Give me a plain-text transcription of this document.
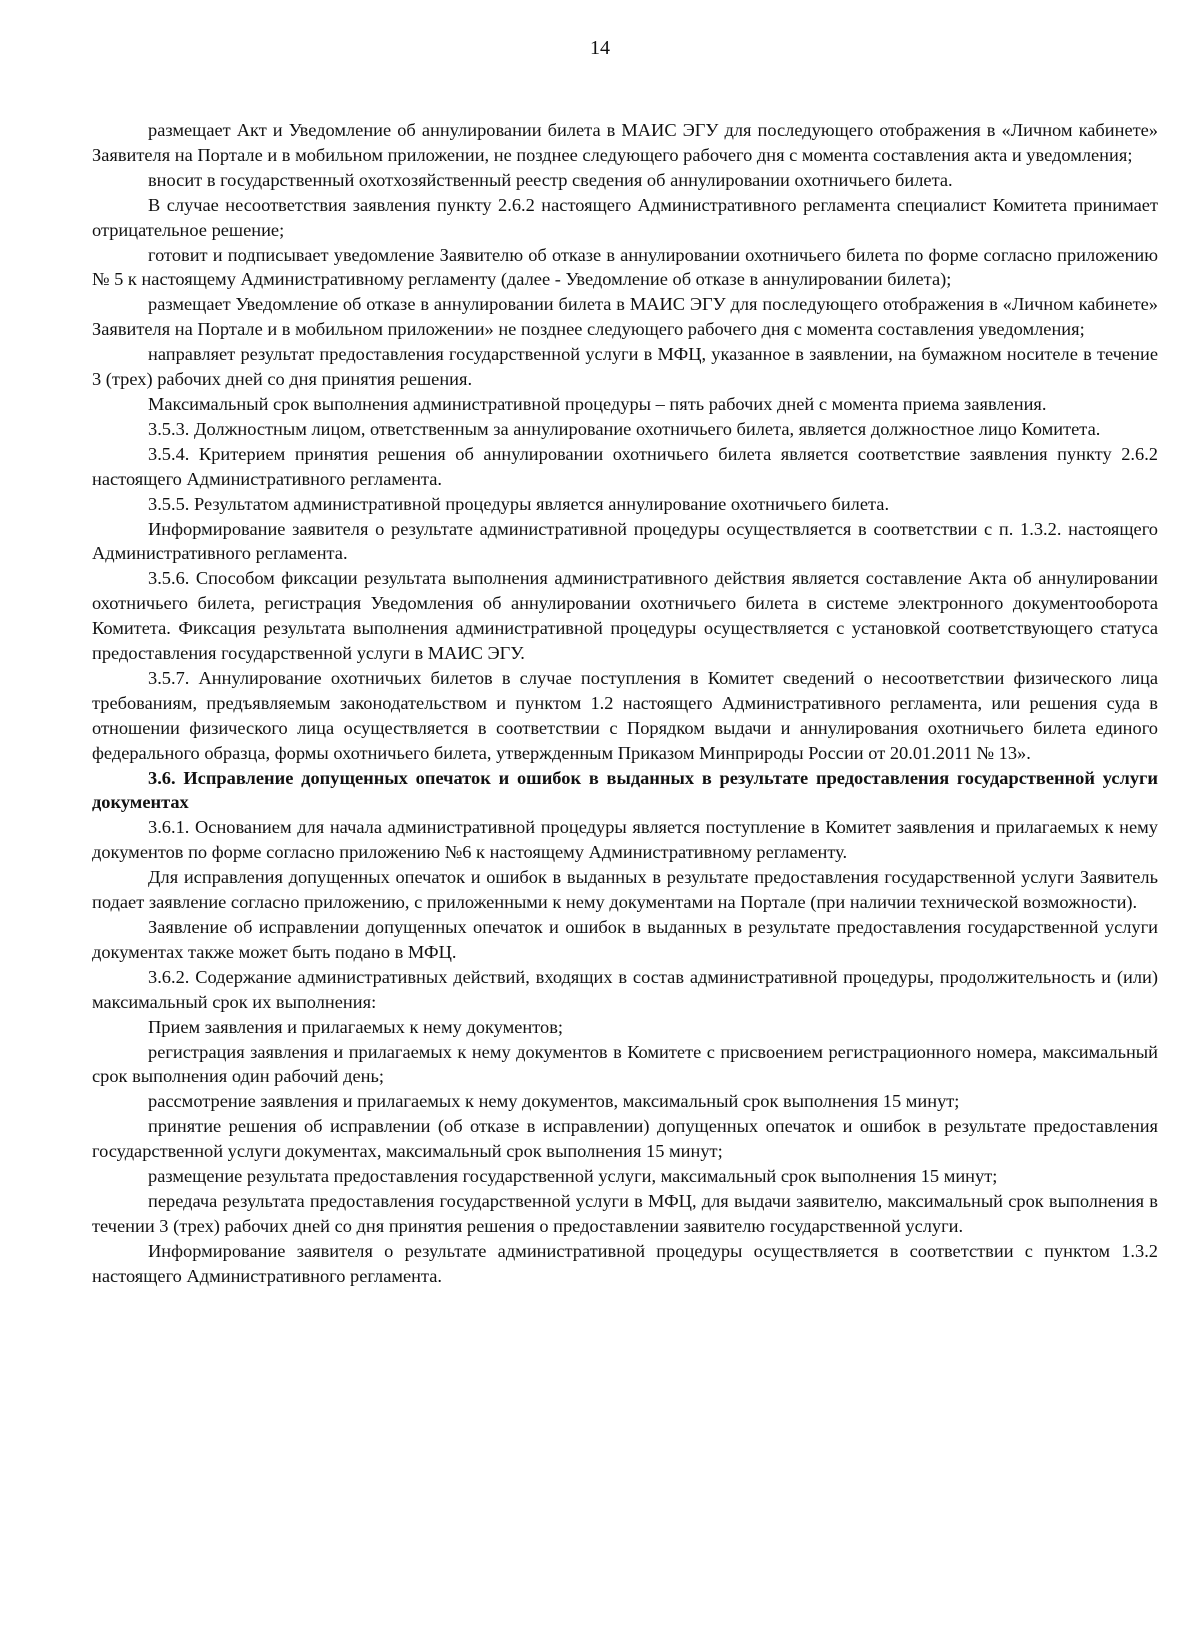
14

размещает Акт и Уведомление об аннулировании билета в МАИС ЭГУ для последующего отображения в «Личном кабинете» Заявителя на Портале и в мобильном приложении, не позднее следующего рабочего дня с момента составления акта и уведомления;

вносит в государственный охотхозяйственный реестр сведения об аннулировании охотничьего билета.

В случае несоответствия заявления пункту 2.6.2 настоящего Административного регламента специалист Комитета принимает отрицательное решение;

готовит и подписывает уведомление Заявителю об отказе в аннулировании охотничьего билета по форме согласно приложению № 5 к настоящему Административному регламенту (далее - Уведомление об отказе в аннулировании билета);

размещает Уведомление об отказе в аннулировании билета в МАИС ЭГУ для последующего отображения в «Личном кабинете» Заявителя на Портале и в мобильном приложении» не позднее следующего рабочего дня с момента составления уведомления;

направляет результат предоставления государственной услуги в МФЦ, указанное в заявлении, на бумажном носителе в течение 3 (трех) рабочих дней со дня принятия решения.

Максимальный срок выполнения административной процедуры – пять рабочих дней с момента приема заявления.

3.5.3. Должностным лицом, ответственным за аннулирование охотничьего билета, является должностное лицо Комитета.

3.5.4. Критерием принятия решения об аннулировании охотничьего билета является соответствие заявления пункту 2.6.2 настоящего Административного регламента.

3.5.5. Результатом административной процедуры является аннулирование охотничьего билета.

Информирование заявителя о результате административной процедуры осуществляется в соответствии с п. 1.3.2. настоящего Административного регламента.

3.5.6. Способом фиксации результата выполнения административного действия является составление Акта об аннулировании охотничьего билета, регистрация Уведомления об аннулировании охотничьего билета в системе электронного документооборота Комитета. Фиксация результата выполнения административной процедуры осуществляется с установкой соответствующего статуса предоставления государственной услуги в МАИС ЭГУ.

3.5.7. Аннулирование охотничьих билетов в случае поступления в Комитет сведений о несоответствии физического лица требованиям, предъявляемым законодательством и пунктом 1.2 настоящего Административного регламента, или решения суда в отношении физического лица осуществляется в соответствии с Порядком выдачи и аннулирования охотничьего билета единого федерального образца, формы охотничьего билета, утвержденным Приказом Минприроды России от 20.01.2011 № 13».

3.6. Исправление допущенных опечаток и ошибок в выданных в результате предоставления государственной услуги документах

3.6.1. Основанием для начала административной процедуры является поступление в Комитет заявления и прилагаемых к нему документов по форме согласно приложению №6 к настоящему Административному регламенту.

Для исправления допущенных опечаток и ошибок в выданных в результате предоставления государственной услуги Заявитель подает заявление согласно приложению, с приложенными к нему документами на Портале (при наличии технической возможности).

Заявление об исправлении допущенных опечаток и ошибок в выданных в результате предоставления государственной услуги документах также может быть подано в МФЦ.

3.6.2. Содержание административных действий, входящих в состав административной процедуры, продолжительность и (или) максимальный срок их выполнения:

Прием заявления и прилагаемых к нему документов;

регистрация заявления и прилагаемых к нему документов в Комитете с присвоением регистрационного номера, максимальный срок выполнения один рабочий день;

рассмотрение заявления и прилагаемых к нему документов, максимальный срок выполнения 15 минут;

принятие решения об исправлении (об отказе в исправлении) допущенных опечаток и ошибок в результате предоставления государственной услуги документах, максимальный срок выполнения 15 минут;

размещение результата предоставления государственной услуги, максимальный срок выполнения 15 минут;

передача результата предоставления государственной услуги в МФЦ, для выдачи заявителю, максимальный срок выполнения в течении 3 (трех) рабочих дней со дня принятия решения о предоставлении заявителю государственной услуги.

Информирование заявителя о результате административной процедуры осуществляется в соответствии с пунктом 1.3.2 настоящего Административного регламента.
